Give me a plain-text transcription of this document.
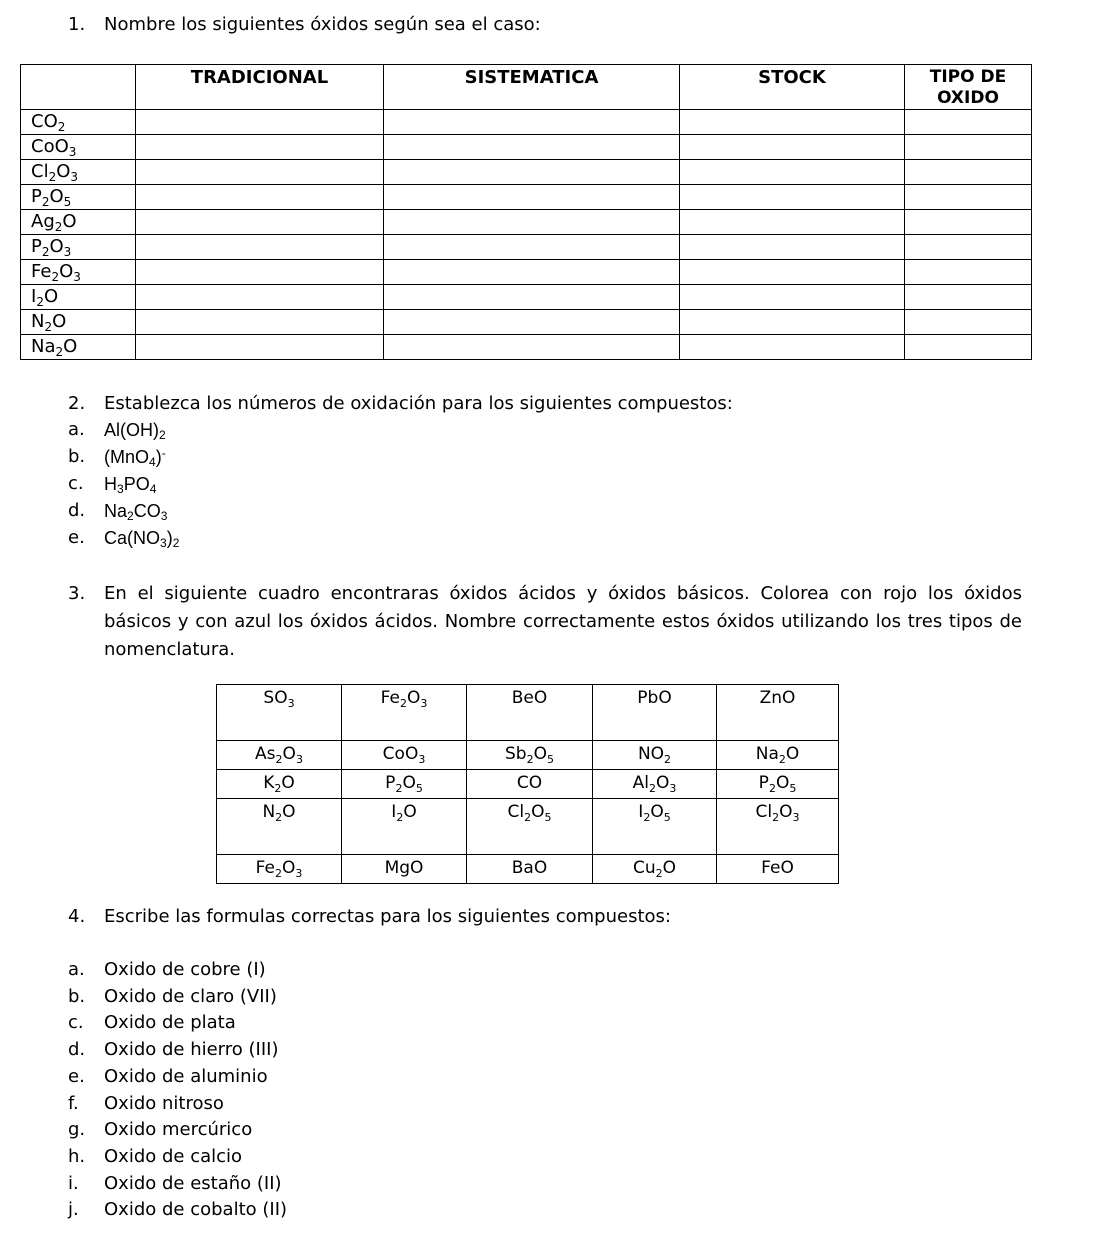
1. Nombre los siguientes óxidos según sea el caso:
	TRADICIONAL	SISTEMATICA	STOCK	TIPO DE OXIDO
$CO_2$				
CoO$_3$				
$Cl_2O_3$				
$P_2O_5$				
$Ag_2O$				
$P_2O_3$				
$Fe_2O_3$				
$I_2O$				
$N_2O$				
$Na_2O$				
2. Establezca los números de oxidación para los siguientes compuestos:
a. $Al(OH)_2$
b. (MnO$_4$)-
c. $H_3PO_4$
d. $Na_2CO_3$
e. $Ca(NO_3)_2$
3. En el siguiente cuadro encontraras óxidos ácidos y óxidos básicos. Colorea con rojo los óxidos básicos y con azul los óxidos ácidos. Nombre correctamente estos óxidos utilizando los tres tipos de nomenclatura.
$SO_3$	$Fe_2O_3$	BeO	PbO	ZnO
$As_2O_3$	CoO$_3$	$Sb_2O_5$	$NO_2$	$Na_2O$
$K_2O$	$P_2O_5$	CO	$Al_2O_3$	$P_2O_5$
$N_2O$	$I_2O$	$Cl_2O_5$	$I_2O_5$	$Cl_2O_3$
$Fe_2O_3$	MgO	BaO	$Cu_2O$	FeO
4. Escribe las formulas correctas para los siguientes compuestos:
a. Oxido de cobre (I)
b. Oxido de claro (VII)
c. Oxido de plata
d. Oxido de hierro (III)
e. Oxido de aluminio
f. Oxido nitroso
g. Oxido mercúrico
h. Oxido de calcio
i. Oxido de estaño (II)
j. Oxido de cobalto (II)
